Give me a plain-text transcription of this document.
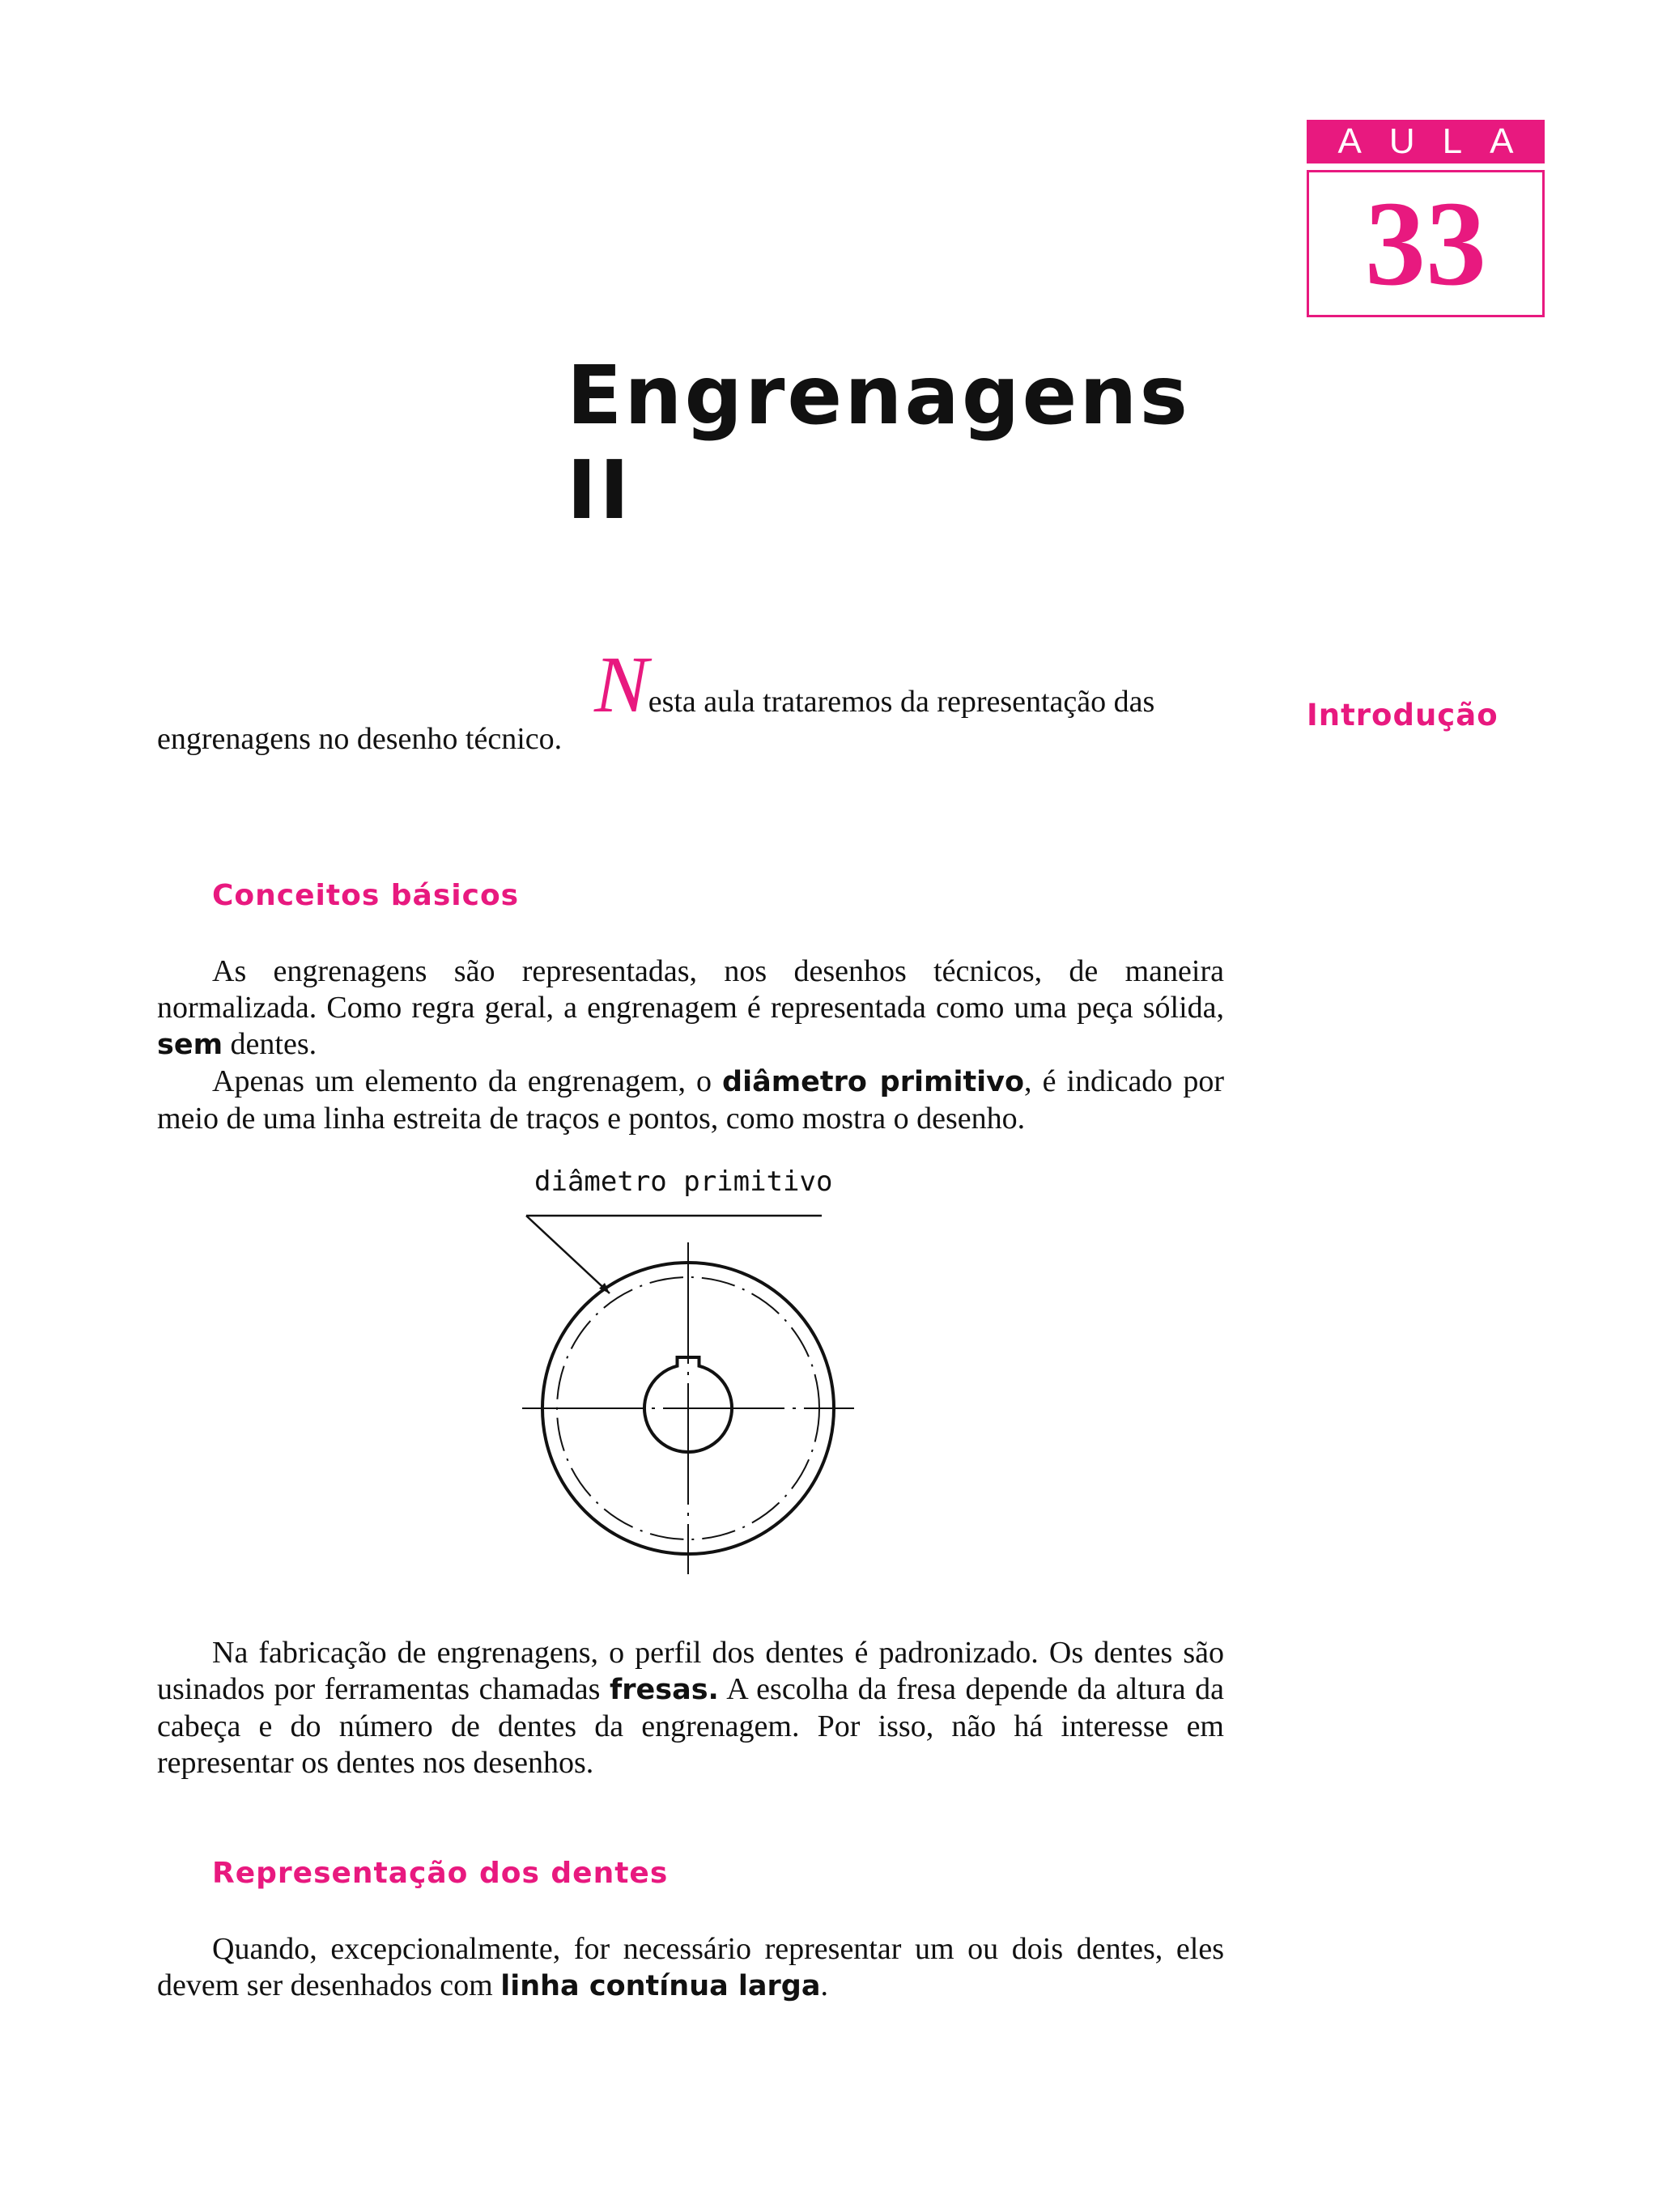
AULA
33
Engrenagens II
Introdução

Nesta aula trataremos da representação das engrenagens no desenho técnico.

Conceitos básicos

As engrenagens são representadas, nos desenhos técnicos, de maneira normalizada. Como regra geral, a engrenagem é representada como uma peça sólida, sem dentes.

Apenas um elemento da engrenagem, o diâmetro primitivo, é indicado por meio de uma linha estreita de traços e pontos, como mostra o desenho.

diâmetro primitivo

Na fabricação de engrenagens, o perfil dos dentes é padronizado. Os dentes são usinados por ferramentas chamadas fresas. A escolha da fresa depende da altura da cabeça e do número de dentes da engrenagem. Por isso, não há interesse em representar os dentes nos desenhos.

Representação dos dentes

Quando, excepcionalmente, for necessário representar um ou dois dentes, eles devem ser desenhados com linha contínua larga.
